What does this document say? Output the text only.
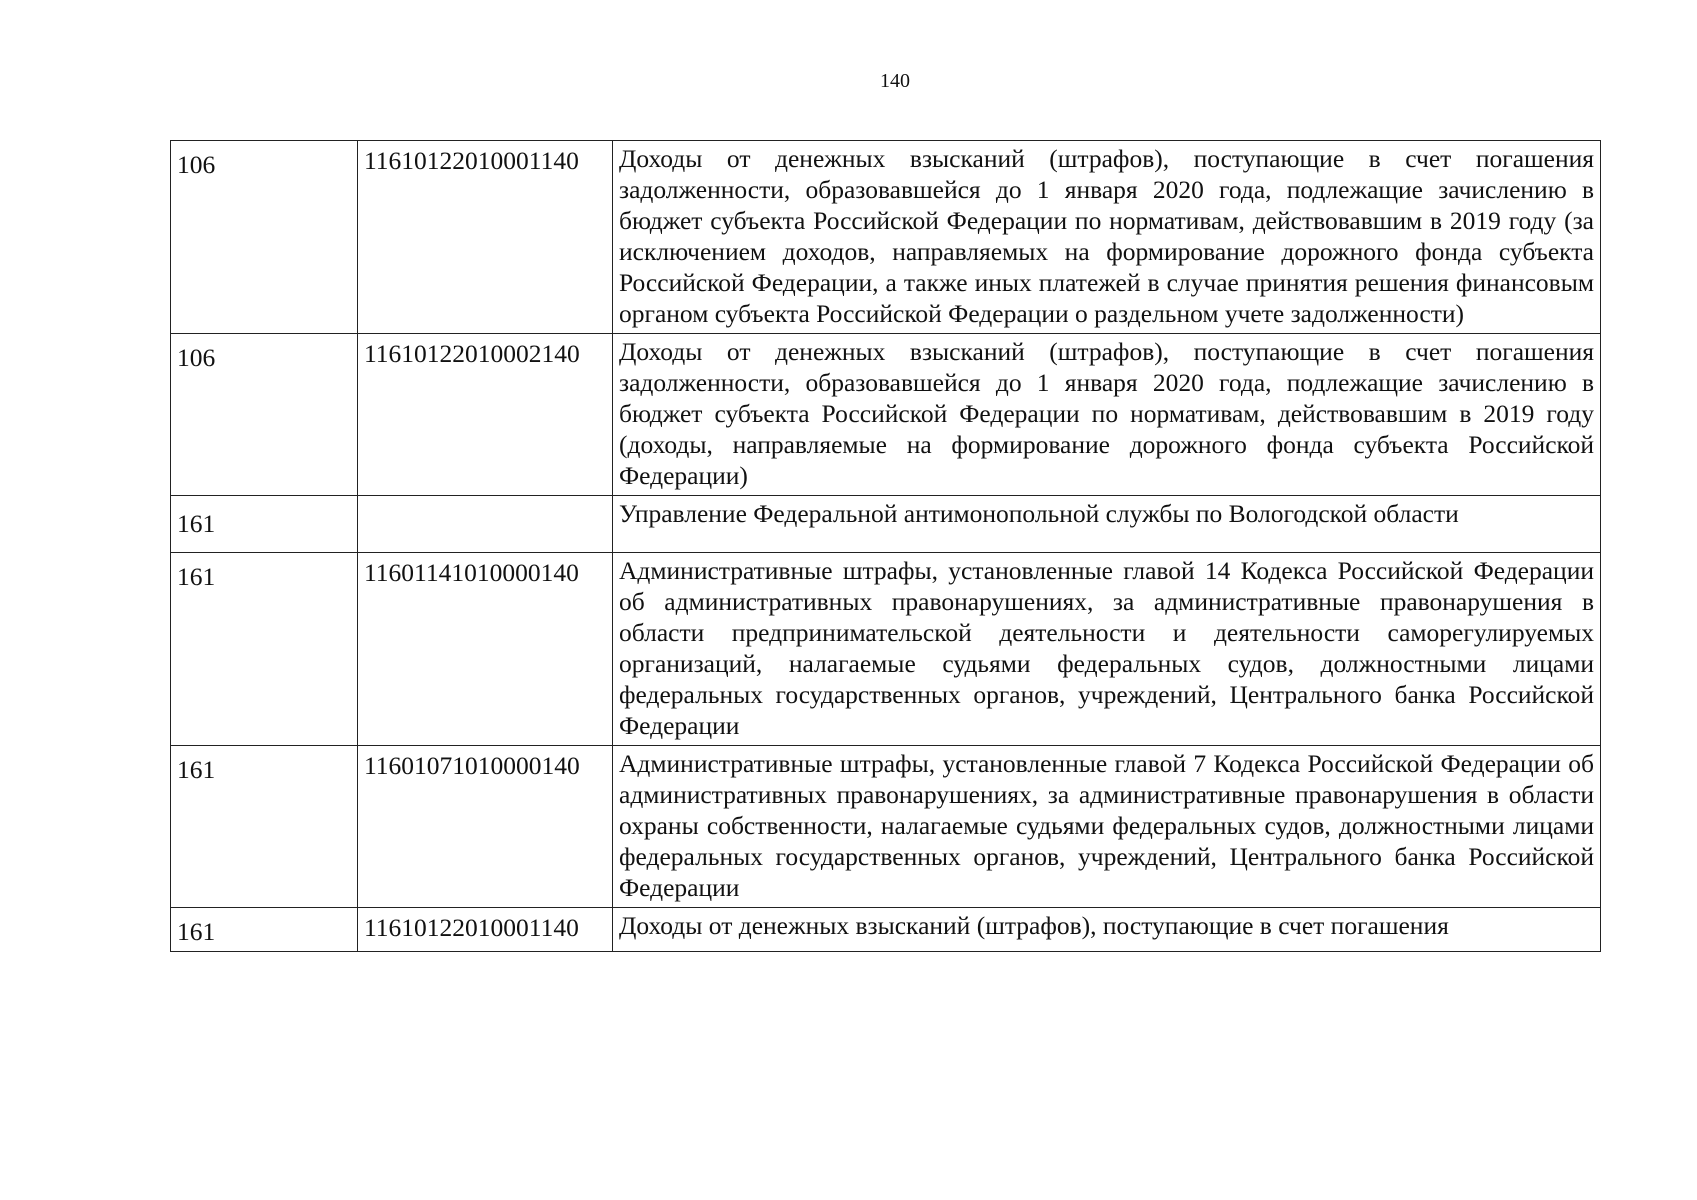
140
106	11610122010001140	Доходы от денежных взысканий (штрафов), поступающие в счет погашения задолженности, образовавшейся до 1 января 2020 года, подлежащие зачислению в бюджет субъекта Российской Федерации по нормативам, действовавшим в 2019 году (за исключением доходов, направляемых на формирование дорожного фонда субъекта Российской Федерации, а также иных платежей в случае принятия решения финансовым органом субъекта Российской Федерации о раздельном учете задолженности)
106	11610122010002140	Доходы от денежных взысканий (штрафов), поступающие в счет погашения задолженности, образовавшейся до 1 января 2020 года, подлежащие зачислению в бюджет субъекта Российской Федерации по нормативам, действовавшим в 2019 году (доходы, направляемые на формирование дорожного фонда субъекта Российской Федерации)
161		Управление Федеральной антимонопольной службы по Вологодской области
161	11601141010000140	Административные штрафы, установленные главой 14 Кодекса Российской Федерации об административных правонарушениях, за административные правонарушения в области предпринимательской деятельности и деятельности саморегулируемых организаций, налагаемые судьями федеральных судов, должностными лицами федеральных государственных органов, учреждений, Центрального банка Российской Федерации
161	11601071010000140	Административные штрафы, установленные главой 7 Кодекса Российской Федерации об административных правонарушениях, за административные правонарушения в области охраны собственности, налагаемые судьями федеральных судов, должностными лицами федеральных государственных органов, учреждений, Центрального банка Российской Федерации
161	11610122010001140	Доходы от денежных взысканий (штрафов), поступающие в счет погашения
